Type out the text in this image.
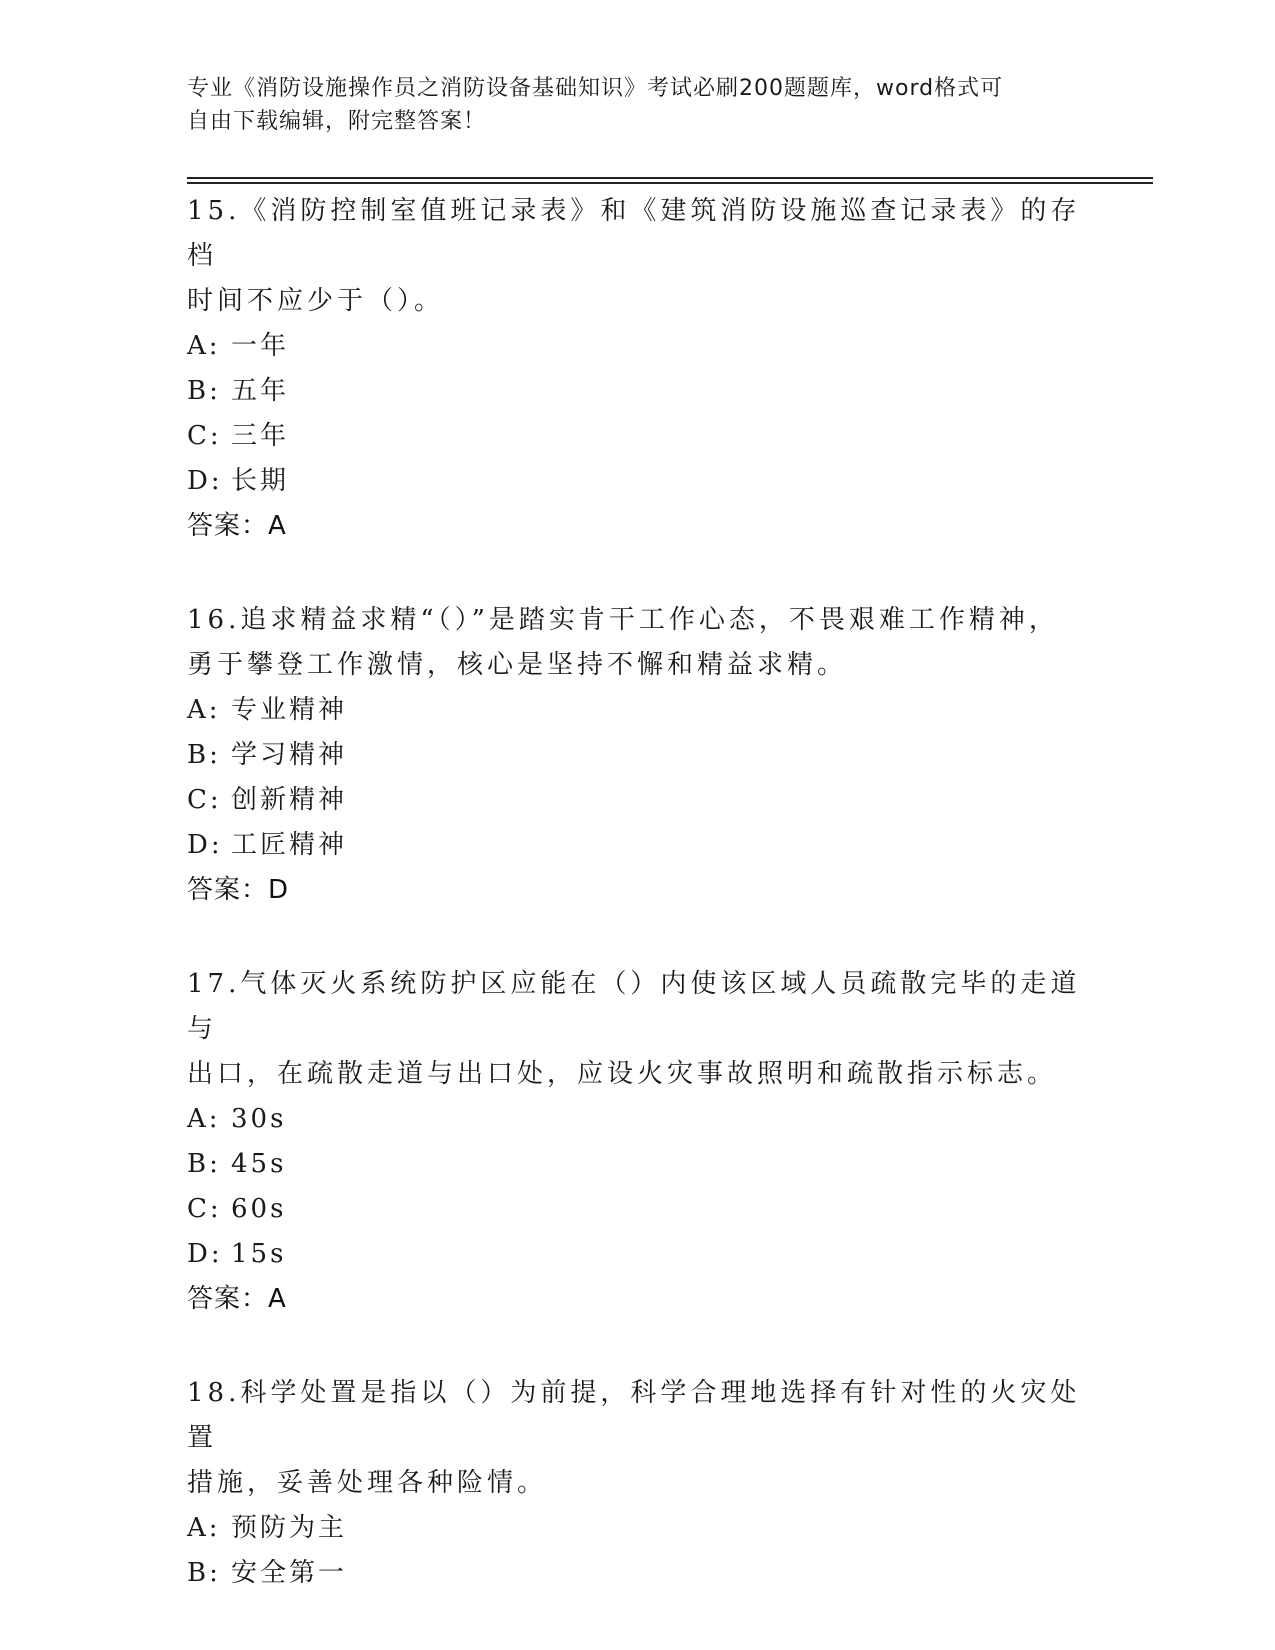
专业《消防设施操作员之消防设备基础知识》考试必刷200题题库，word格式可
自由下载编辑，附完整答案！
15.《消防控制室值班记录表》和《建筑消防设施巡查记录表》的存档
时间不应少于（）。
A: 一年
B: 五年
C: 三年
D: 长期
答案：A
16.追求精益求精“（）”是踏实肯干工作心态，不畏艰难工作精神，
勇于攀登工作激情，核心是坚持不懈和精益求精。
A: 专业精神
B: 学习精神
C: 创新精神
D: 工匠精神
答案：D
17.气体灭火系统防护区应能在（）内使该区域人员疏散完毕的走道与
出口，在疏散走道与出口处，应设火灾事故照明和疏散指示标志。
A: 30s
B: 45s
C: 60s
D: 15s
答案：A
18.科学处置是指以（）为前提，科学合理地选择有针对性的火灾处置
措施，妥善处理各种险情。
A: 预防为主
B: 安全第一
